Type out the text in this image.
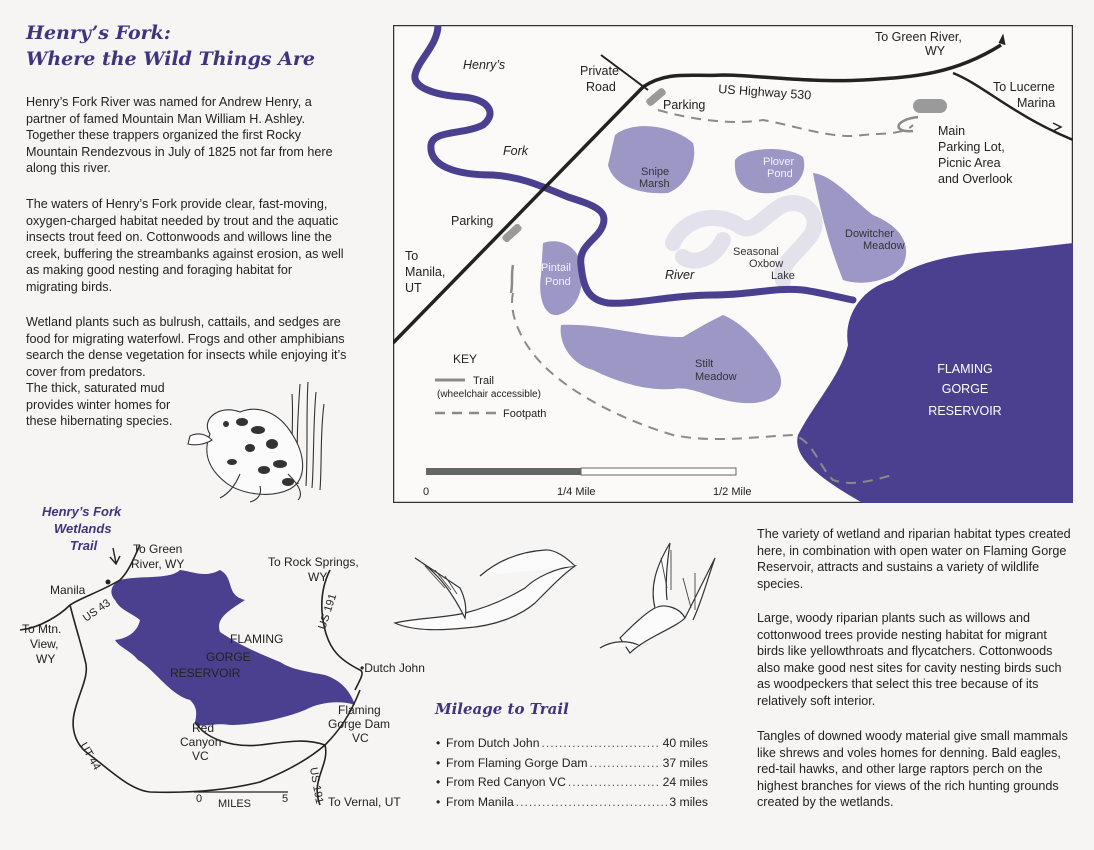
Henry’s Fork:
Where the Wild Things Are
Henry’s Fork River was named for Andrew Henry, a partner of famed Mountain Man William H. Ashley. Together these trappers organized the first Rocky Mountain Rendezvous in July of 1825 not far from here along this river.
The waters of Henry’s Fork provide clear, fast-moving, oxygen-charged habitat needed by trout and the aquatic insects trout feed on. Cottonwoods and willows line the creek, buffering the streambanks against erosion, as well as making good nesting and foraging habitat for migrating birds.
Wetland plants such as bulrush, cattails, and sedges are food for migrating waterfowl. Frogs and other amphibians search the dense vegetation for insects while enjoying it’s cover from predators.
The thick, saturated mud provides winter homes for these hibernating species.
Henry’s
Fork
River
Private
Road	US Highway 530
Parking
Parking
To Green River,
WY
To Lucerne
Marina
Main
Parking Lot,
Picnic Area
and Overlook
To
Manila,
UT
Snipe
Marsh
Plover
Pond
Pintail
Pond
Dowitcher
Meadow
Seasonal
Oxbow
Lake
Stilt
Meadow
FLAMING
GORGE
RESERVOIR
KEY
Trail
(wheelchair accessible)
Footpath
0	1/4 Mile	1/2 Mile
Henry’s Fork
Wetlands
Trail	To Green
River, WY	To Rock Springs,
WY
Manila
US 43
To Mtn.
View,
WY
FLAMING
GORGE
RESERVOIR
US 191
•Dutch John
Flaming
Gorge Dam
VC
Red
Canyon
VC
UT 44
US 191 To Vernal, UT
0 MILES	5
Mileage to Trail
• From Dutch John .....	40 miles
• From Flaming Gorge Dam .....	37 miles
• From Red Canyon VC .....	24 miles
• From Manila .....	3 miles
The variety of wetland and riparian habitat types created here, in combination with open water on Flaming Gorge Reservoir, attracts and sustains a variety of wildlife species.
Large, woody riparian plants such as willows and cottonwood trees provide nesting habitat for migrant birds like yellowthroats and flycatchers. Cottonwoods also make good nest sites for cavity nesting birds such as woodpeckers that select this tree because of its relatively soft interior.
Tangles of downed woody material give small mammals like shrews and voles homes for denning. Bald eagles, red-tail hawks, and other large raptors perch on the highest branches for views of the rich hunting grounds created by the wetlands.
